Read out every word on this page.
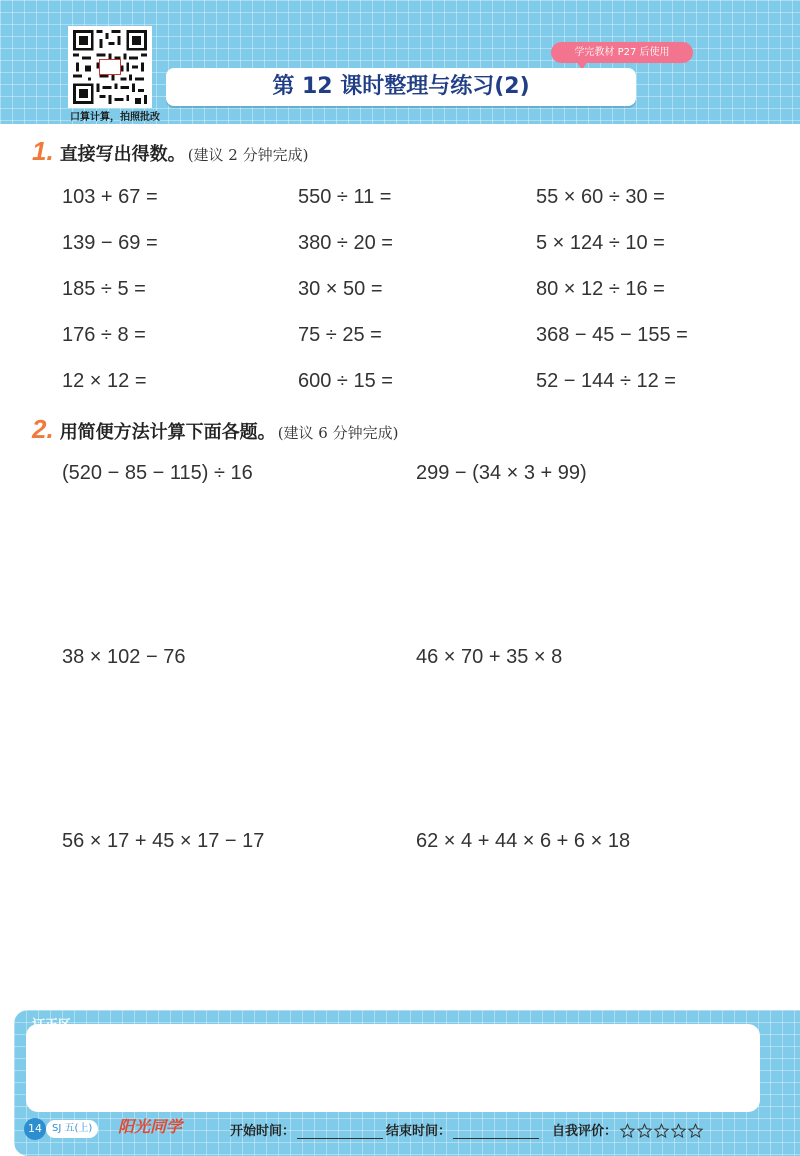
口算计算，拍照批改
学完教材 P27 后使用
第 12 课时整理与练习(2)
1. 直接写出得数。 (建议 2 分钟完成)
103 + 67 =	550 ÷ 11 =	55 × 60 ÷ 30 =
139 − 69 =	380 ÷ 20 =	5 × 124 ÷ 10 =
185 ÷ 5 =	30 × 50 =	80 × 12 ÷ 16 =
176 ÷ 8 =	75 ÷ 25 =	368 − 45 − 155 =
12 × 12 =	600 ÷ 15 =	52 − 144 ÷ 12 =
2. 用简便方法计算下面各题。 (建议 6 分钟完成)
(520 − 85 − 115) ÷ 16	299 − (34 × 3 + 99)
38 × 102 − 76	46 × 70 + 35 × 8
56 × 17 + 45 × 17 − 17	62 × 4 + 44 × 6 + 6 × 18
订正区
14	SJ 五(上)	阳光同学	开始时间：	结束时间：	自我评价：
